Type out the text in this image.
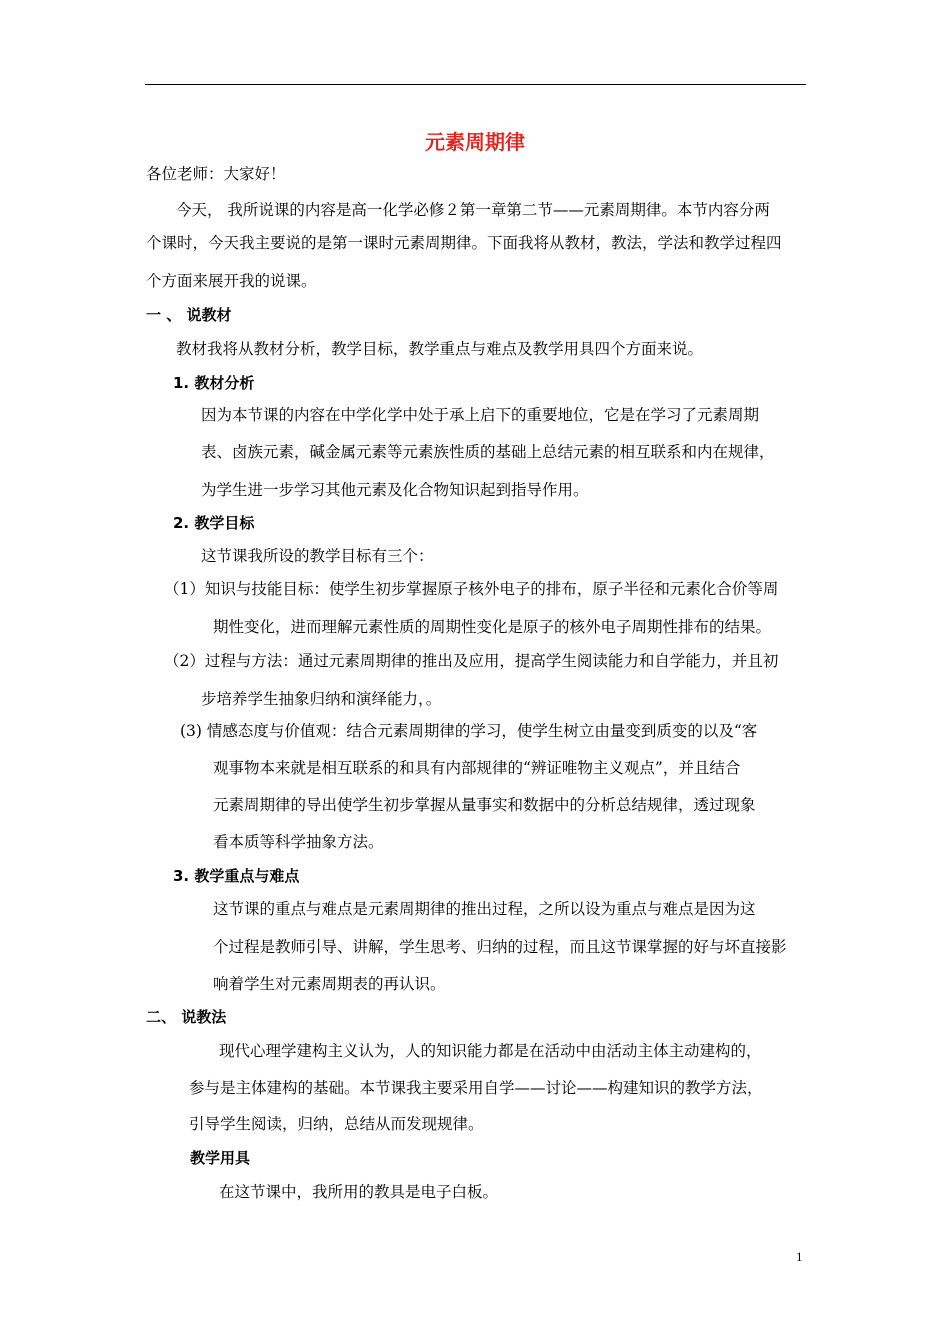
元素周期律
各位老师：大家好！
今天， 我所说课的内容是高一化学必修２第一章第二节——元素周期律。本节内容分两
个课时，今天我主要说的是第一课时元素周期律。下面我将从教材，教法，学法和教学过程四
个方面来展开我的说课。
一 、 说教材
教材我将从教材分析，教学目标，教学重点与难点及教学用具四个方面来说。
1. 教材分析
因为本节课的内容在中学化学中处于承上启下的重要地位，它是在学习了元素周期
表、卤族元素，碱金属元素等元素族性质的基础上总结元素的相互联系和内在规律，
为学生进一步学习其他元素及化合物知识起到指导作用。
2. 教学目标
这节课我所设的教学目标有三个：
（1）知识与技能目标：使学生初步掌握原子核外电子的排布，原子半径和元素化合价等周
期性变化，进而理解元素性质的周期性变化是原子的核外电子周期性排布的结果。
（2）过程与方法：通过元素周期律的推出及应用，提高学生阅读能力和自学能力，并且初
步培养学生抽象归纳和演绎能力，。
(3) 情感态度与价值观：结合元素周期律的学习，使学生树立由量变到质变的以及“客
观事物本来就是相互联系的和具有内部规律的“辨证唯物主义观点”，并且结合
元素周期律的导出使学生初步掌握从量事实和数据中的分析总结规律，透过现象
看本质等科学抽象方法。
3. 教学重点与难点
这节课的重点与难点是元素周期律的推出过程，之所以设为重点与难点是因为这
个过程是教师引导、讲解，学生思考、归纳的过程，而且这节课掌握的好与坏直接影
响着学生对元素周期表的再认识。
二、 说教法
现代心理学建构主义认为，人的知识能力都是在活动中由活动主体主动建构的，
参与是主体建构的基础。本节课我主要采用自学——讨论——构建知识的教学方法，
引导学生阅读，归纳，总结从而发现规律。
教学用具
在这节课中，我所用的教具是电子白板。
1
